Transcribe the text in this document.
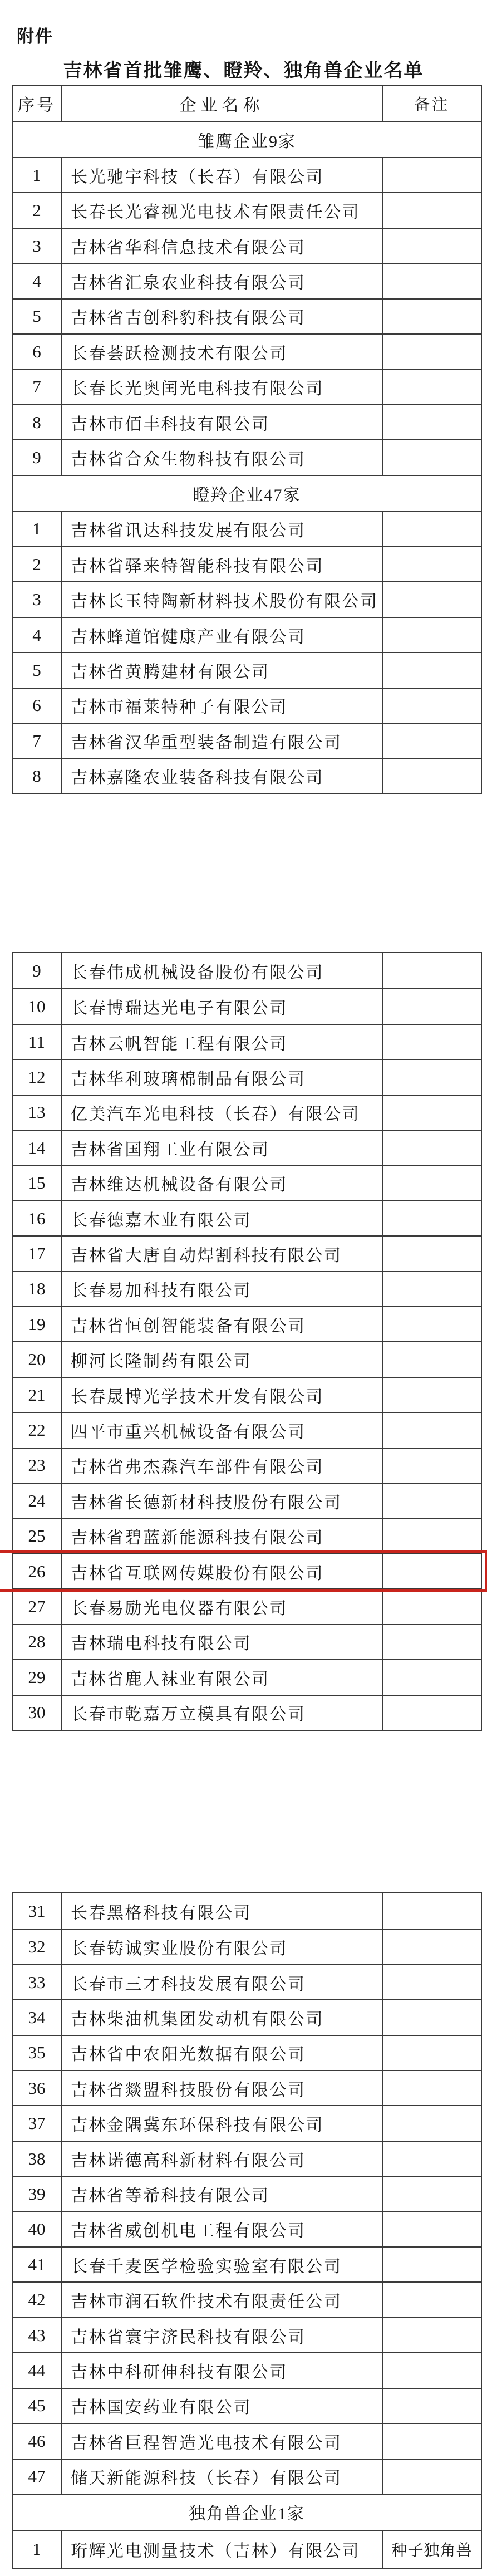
附件
吉林省首批雏鹰、瞪羚、独角兽企业名单
序号	企业名称	备注
雏鹰企业9家
1	长光驰宇科技（长春）有限公司
2	长春长光睿视光电技术有限责任公司
3	吉林省华科信息技术有限公司
4	吉林省汇泉农业科技有限公司
5	吉林省吉创科豹科技有限公司
6	长春荟跃检测技术有限公司
7	长春长光奥闰光电科技有限公司
8	吉林市佰丰科技有限公司
9	吉林省合众生物科技有限公司
瞪羚企业47家
1	吉林省讯达科技发展有限公司
2	吉林省驿来特智能科技有限公司
3	吉林长玉特陶新材料技术股份有限公司
4	吉林蜂道馆健康产业有限公司
5	吉林省黄腾建材有限公司
6	吉林市福莱特种子有限公司
7	吉林省汉华重型装备制造有限公司
8	吉林嘉隆农业装备科技有限公司
9	长春伟成机械设备股份有限公司
10	长春博瑞达光电子有限公司
11	吉林云帆智能工程有限公司
12	吉林华利玻璃棉制品有限公司
13	亿美汽车光电科技（长春）有限公司
14	吉林省国翔工业有限公司
15	吉林维达机械设备有限公司
16	长春德嘉木业有限公司
17	吉林省大唐自动焊割科技有限公司
18	长春易加科技有限公司
19	吉林省恒创智能装备有限公司
20	柳河长隆制药有限公司
21	长春晟博光学技术开发有限公司
22	四平市重兴机械设备有限公司
23	吉林省弗杰森汽车部件有限公司
24	吉林省长德新材科技股份有限公司
25	吉林省碧蓝新能源科技有限公司
26	吉林省互联网传媒股份有限公司
27	长春易励光电仪器有限公司
28	吉林瑞电科技有限公司
29	吉林省鹿人袜业有限公司
30	长春市乾嘉万立模具有限公司
31	长春黑格科技有限公司
32	长春铸诚实业股份有限公司
33	长春市三才科技发展有限公司
34	吉林柴油机集团发动机有限公司
35	吉林省中农阳光数据有限公司
36	吉林省燚盟科技股份有限公司
37	吉林金隅冀东环保科技有限公司
38	吉林诺德高科新材料有限公司
39	吉林省等希科技有限公司
40	吉林省威创机电工程有限公司
41	长春千麦医学检验实验室有限公司
42	吉林市润石软件技术有限责任公司
43	吉林省寰宇济民科技有限公司
44	吉林中科研伸科技有限公司
45	吉林国安药业有限公司
46	吉林省巨程智造光电技术有限公司
47	储天新能源科技（长春）有限公司
独角兽企业1家
1	珩辉光电测量技术（吉林）有限公司	种子独角兽
